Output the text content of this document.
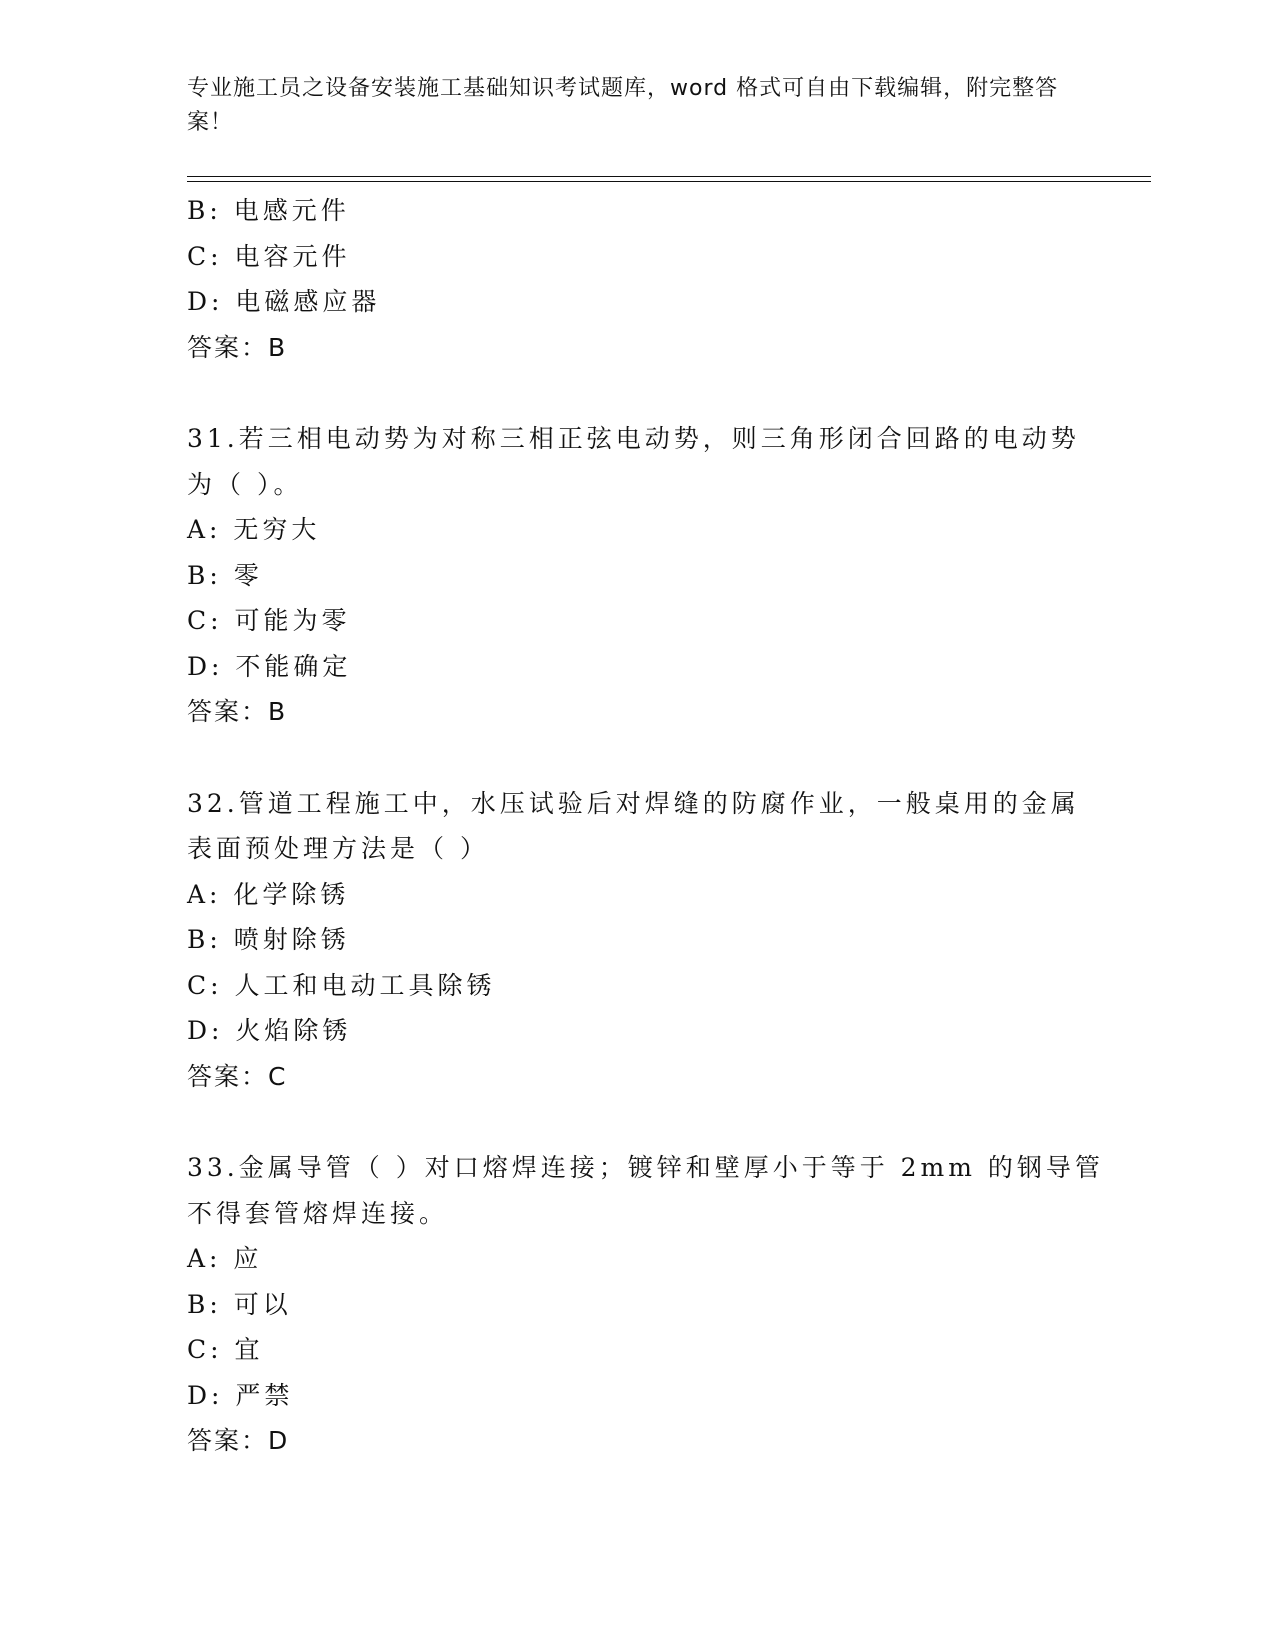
专业施工员之设备安装施工基础知识考试题库，word 格式可自由下载编辑，附完整答案！
B: 电感元件
C: 电容元件
D: 电磁感应器
答案：B
31.若三相电动势为对称三相正弦电动势，则三角形闭合回路的电动势
为（ ）。
A: 无穷大
B: 零
C: 可能为零
D: 不能确定
答案：B
32.管道工程施工中，水压试验后对焊缝的防腐作业，一般桌用的金属
表面预处理方法是（ ）
A: 化学除锈
B: 喷射除锈
C: 人工和电动工具除锈
D: 火焰除锈
答案：C
33.金属导管（ ）对口熔焊连接；镀锌和壁厚小于等于 2mm 的钢导管
不得套管熔焊连接。
A: 应
B: 可以
C: 宜
D: 严禁
答案：D
